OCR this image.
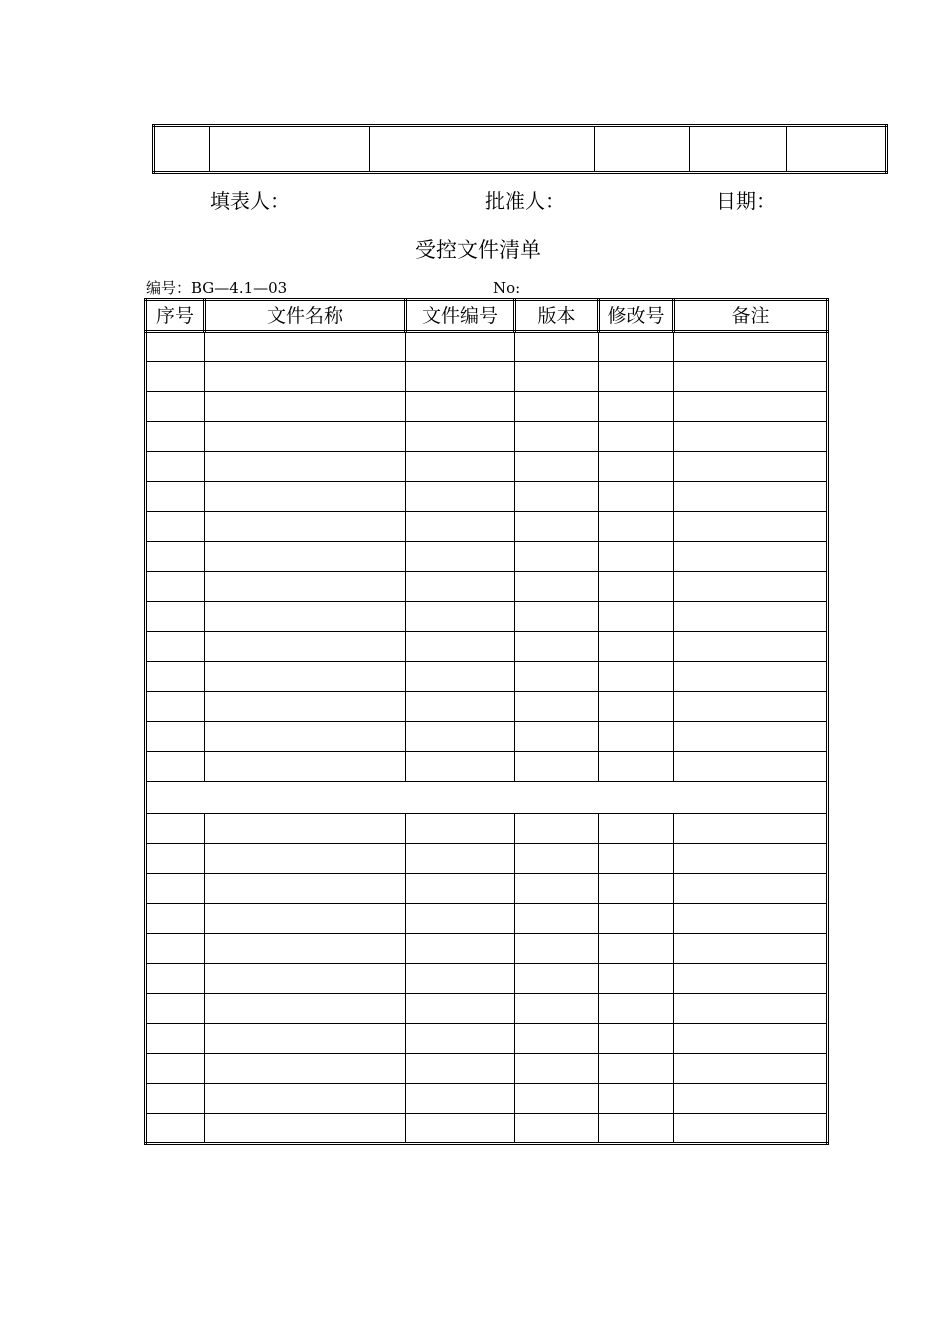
填表人：	批准人：	日期：
受控文件清单
编号：BG—4.1—03	No:
序号	文件名称	文件编号	版本	修改号	备注
